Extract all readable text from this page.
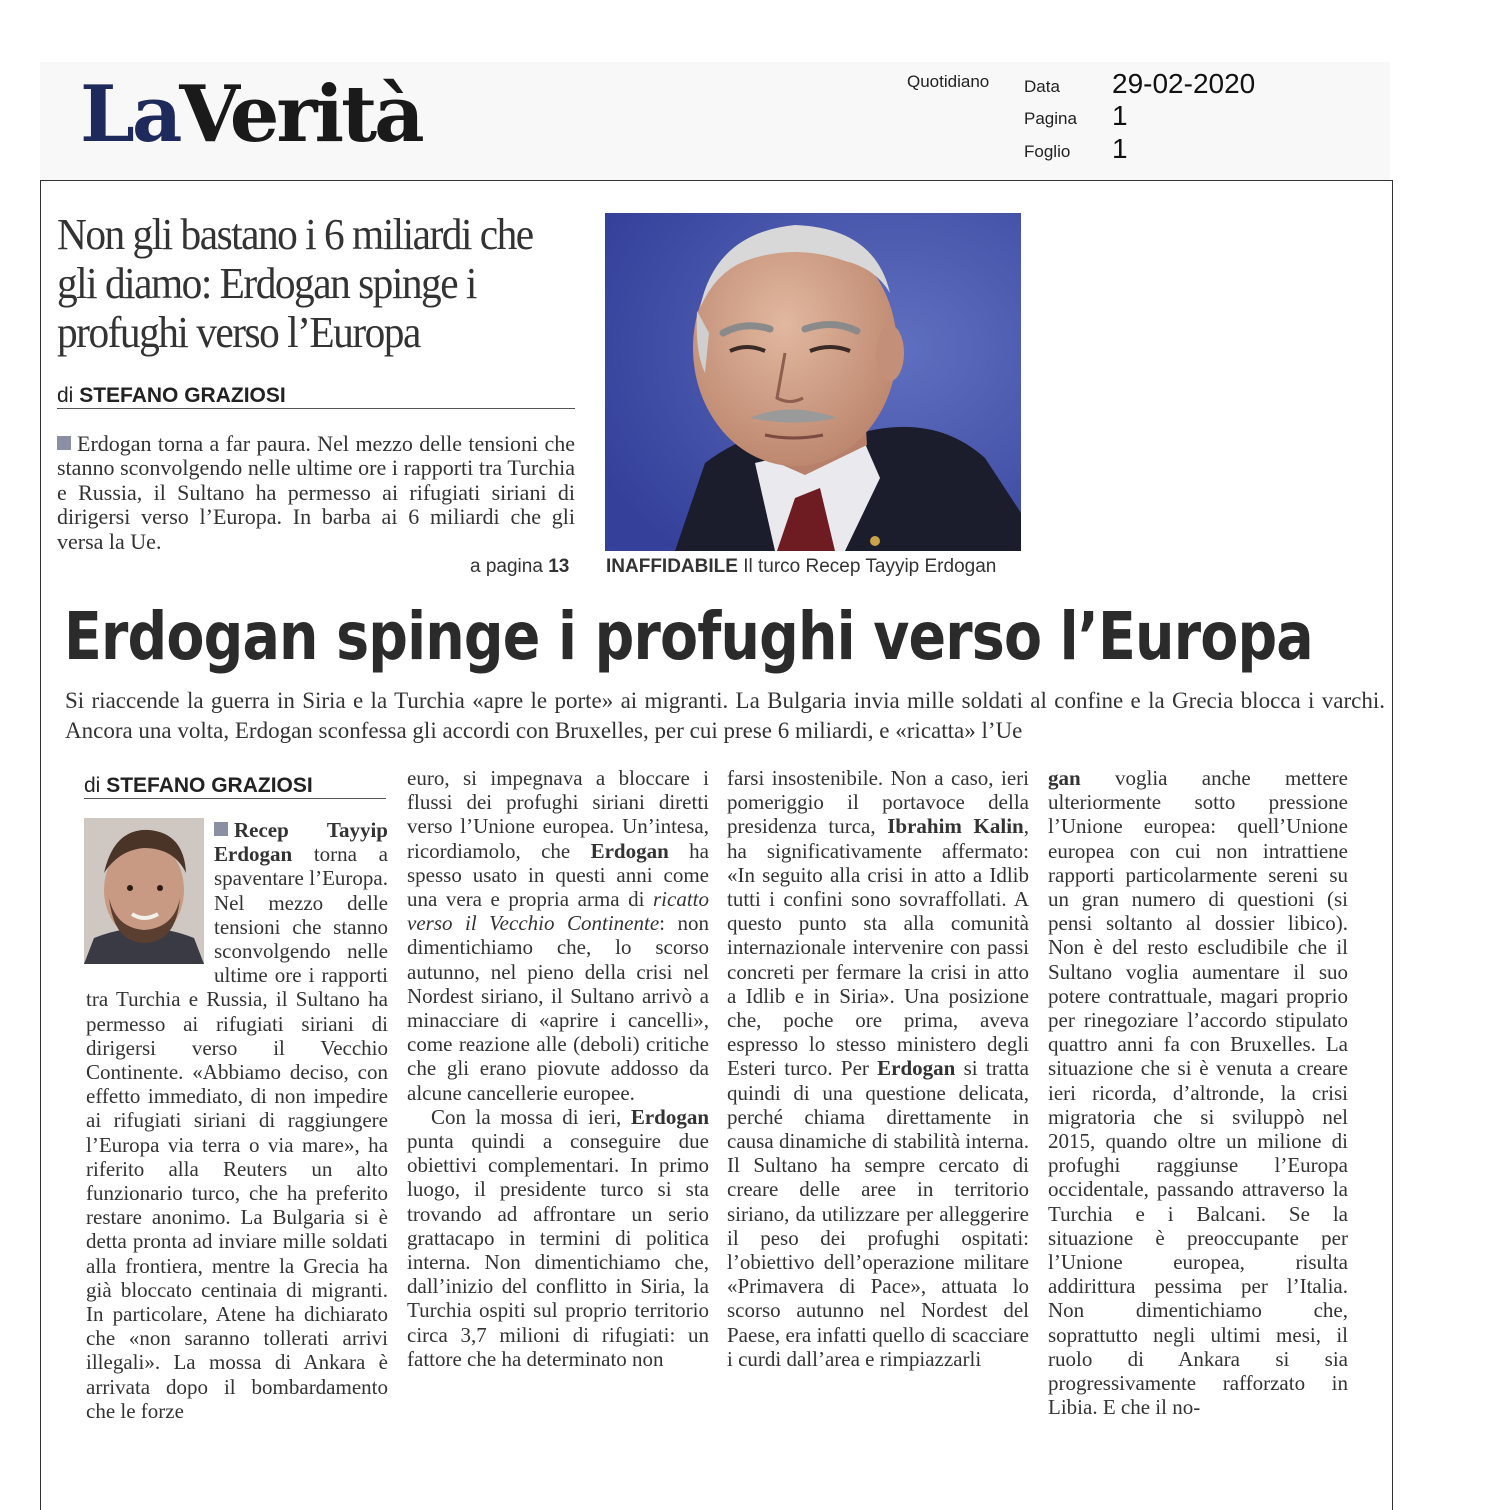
LaVerità	Quotidiano Data 29-02-2020
Pagina 1
Foglio 1
Non gli bastano i 6 miliardi che gli diamo: Erdogan spinge i profughi verso l’Europa
di STEFANO GRAZIOSI
Erdogan torna a far paura. Nel mezzo delle tensioni che stanno sconvolgendo nelle ultime ore i rapporti tra Turchia e Russia, il Sultano ha permesso ai rifugiati siriani di dirigersi verso l’Europa. In barba ai 6 miliardi che gli versa la Ue.
a pagina 13 INAFFIDABILE Il turco Recep Tayyip Erdogan
Erdogan spinge i profughi verso l’Europa
Si riaccende la guerra in Siria e la Turchia «apre le porte» ai migranti. La Bulgaria invia mille soldati al confine e la Grecia blocca i varchi. Ancora una volta, Erdogan sconfessa gli accordi con Bruxelles, per cui prese 6 miliardi, e «ricatta» l’Ue
di STEFANO GRAZIOSI
Recep Tayyip Erdogan torna a spaventare l’Europa. Nel mezzo delle tensioni che stanno sconvolgendo nelle ultime ore i rapporti tra Turchia e Russia, il Sultano ha permesso ai rifugiati siriani di dirigersi verso il Vecchio Continente. «Abbiamo deciso, con effetto immediato, di non impedire ai rifugiati siriani di raggiungere l’Europa via terra o via mare», ha riferito alla Reuters un alto funzionario turco, che ha preferito restare anonimo. La Bulgaria si è detta pronta ad inviare mille soldati alla frontiera, mentre la Grecia ha già bloccato centinaia di migranti. In particolare, Atene ha dichiarato che «non saranno tollerati arrivi illegali». La mossa di Ankara è arrivata dopo il bombardamento che le forze
euro, si impegnava a bloccare i flussi dei profughi siriani diretti verso l’Unione europea. Un’intesa, ricordiamolo, che Erdogan ha spesso usato in questi anni come una vera e propria arma di ricatto verso il Vecchio Continente: non dimentichiamo che, lo scorso autunno, nel pieno della crisi nel Nordest siriano, il Sultano arrivò a minacciare di «aprire i cancelli», come reazione alle (deboli) critiche che gli erano piovute addosso da alcune cancellerie europee.
Con la mossa di ieri, Erdogan punta quindi a conseguire due obiettivi complementari. In primo luogo, il presidente turco si sta trovando ad affrontare un serio grattacapo in termini di politica interna. Non dimentichiamo che, dall’inizio del conflitto in Siria, la Turchia ospiti sul proprio territorio circa 3,7 milioni di rifugiati: un fattore che ha determinato non
farsi insostenibile. Non a caso, ieri pomeriggio il portavoce della presidenza turca, Ibrahim Kalin, ha significativamente affermato: «In seguito alla crisi in atto a Idlib tutti i confini sono sovraffollati. A questo punto sta alla comunità internazionale intervenire con passi concreti per fermare la crisi in atto a Idlib e in Siria». Una posizione che, poche ore prima, aveva espresso lo stesso ministero degli Esteri turco. Per Erdogan si tratta quindi di una questione delicata, perché chiama direttamente in causa dinamiche di stabilità interna. Il Sultano ha sempre cercato di creare delle aree in territorio siriano, da utilizzare per alleggerire il peso dei profughi ospitati: l’obiettivo dell’operazione militare «Primavera di Pace», attuata lo scorso autunno nel Nordest del Paese, era infatti quello di scacciare i curdi dall’area e rimpiazzarli
gan voglia anche mettere ulteriormente sotto pressione l’Unione europea: quell’Unione europea con cui non intrattiene rapporti particolarmente sereni su un gran numero di questioni (si pensi soltanto al dossier libico). Non è del resto escludibile che il Sultano voglia aumentare il suo potere contrattuale, magari proprio per rinegoziare l’accordo stipulato quattro anni fa con Bruxelles. La situazione che si è venuta a creare ieri ricorda, d’altronde, la crisi migratoria che si sviluppò nel 2015, quando oltre un milione di profughi raggiunse l’Europa occidentale, passando attraverso la Turchia e i Balcani. Se la situazione è preoccupante per l’Unione europea, risulta addirittura pessima per l’Italia. Non dimentichiamo che, soprattutto negli ultimi mesi, il ruolo di Ankara si sia progressivamente rafforzato in Libia. E che il no-
